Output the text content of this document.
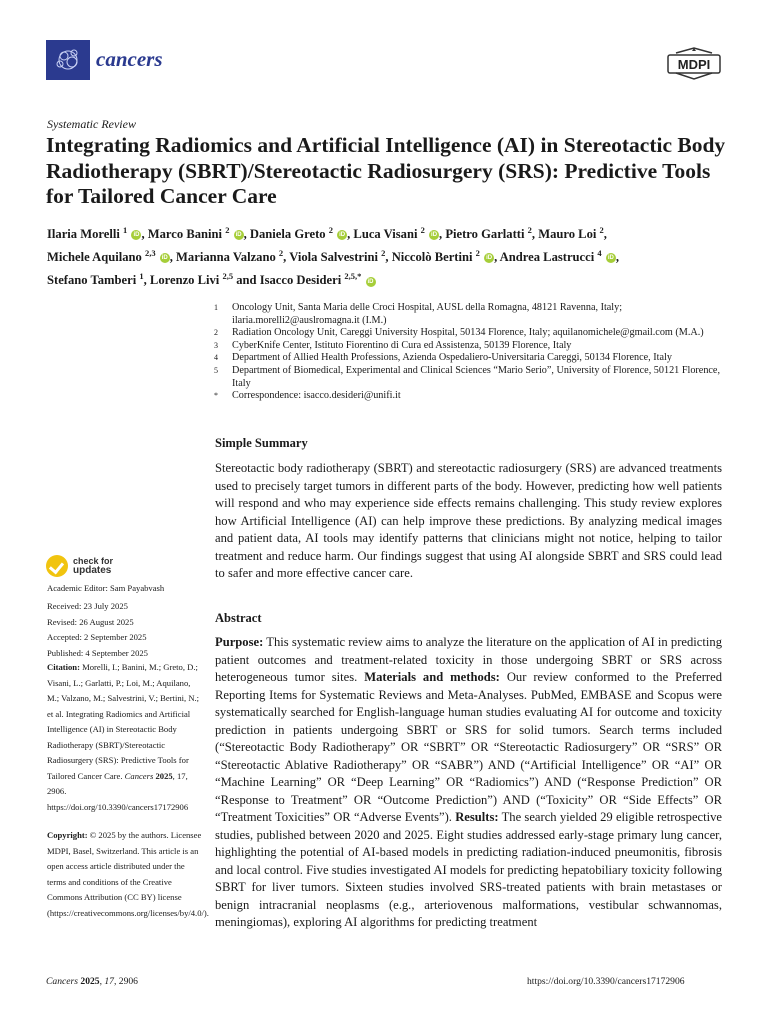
cancers	MDPI
Systematic Review
Integrating Radiomics and Artificial Intelligence (AI) in Stereotactic Body Radiotherapy (SBRT)/Stereotactic Radiosurgery (SRS): Predictive Tools for Tailored Cancer Care
Ilaria Morelli $^1$ iD , Marco Banini $^2$ iD , Daniela Greto $^2$ iD , Luca Visani $^2$ iD , Pietro Garlatti $^2$, Mauro Loi $^2$,
Michele Aquilano $^{2,3}$ iD , Marianna Valzano $^2$, Viola Salvestrini $^2$, Niccolò Bertini $^2$ iD , Andrea Lastrucci $^4$ iD ,
Stefano Tamberi $^1$, Lorenzo Livi $^{2,5}$ and Isacco Desideri $^{2,5,*}$ iD
1	Oncology Unit, Santa Maria delle Croci Hospital, AUSL della Romagna, 48121 Ravenna, Italy; ilaria.morelli2@auslromagna.it (I.M.)
2	Radiation Oncology Unit, Careggi University Hospital, 50134 Florence, Italy; aquilanomichele@gmail.com (M.A.)
3	CyberKnife Center, Istituto Fiorentino di Cura ed Assistenza, 50139 Florence, Italy
4	Department of Allied Health Professions, Azienda Ospedaliero-Universitaria Careggi, 50134 Florence, Italy
5	Department of Biomedical, Experimental and Clinical Sciences “Mario Serio”, University of Florence, 50121 Florence, Italy
*	Correspondence: isacco.desideri@unifi.it
Simple Summary
Stereotactic body radiotherapy (SBRT) and stereotactic radiosurgery (SRS) are advanced treatments used to precisely target tumors in different parts of the body. However, predicting how well patients will respond and who may experience side effects remains challenging. This study review explores how Artificial Intelligence (AI) can help improve these predictions. By analyzing medical images and patient data, AI tools may identify patterns that clinicians might not notice, helping to tailor treatment and reduce harm. Our findings suggest that using AI alongside SBRT and SRS could lead to safer and more effective cancer care.
Abstract
Purpose: This systematic review aims to analyze the literature on the application of AI in predicting patient outcomes and treatment-related toxicity in those undergoing SBRT or SRS across heterogeneous tumor sites. Materials and methods: Our review conformed to the Preferred Reporting Items for Systematic Reviews and Meta-Analyses. PubMed, EMBASE and Scopus were systematically searched for English-language human studies evaluating AI for outcome and toxicity prediction in patients undergoing SBRT or SRS for solid tumors. Search terms included (“Stereotactic Body Radiotherapy” OR “SBRT” OR “Stereotactic Radiosurgery” OR “SRS” OR “Stereotactic Ablative Radiotherapy” OR “SABR”) AND (“Artificial Intelligence” OR “AI” OR “Machine Learning” OR “Deep Learning” OR “Radiomics”) AND (“Response Prediction” OR “Response to Treatment” OR “Outcome Prediction”) AND (“Toxicity” OR “Side Effects” OR “Treatment Toxicities” OR “Adverse Events”). Results: The search yielded 29 eligible retrospective studies, published between 2020 and 2025. Eight studies addressed early-stage primary lung cancer, highlighting the potential of AI-based models in predicting radiation-induced pneumonitis, fibrosis and local control. Five studies investigated AI models for predicting hepatobiliary toxicity following SBRT for liver tumors. Sixteen studies involved SRS-treated patients with brain metastases or benign intracranial neoplasms (e.g., arteriovenous malformations, vestibular schwannomas, meningiomas), exploring AI algorithms for predicting treatment
check for
updates
Academic Editor: Sam Payabvash
Received: 23 July 2025
Revised: 26 August 2025
Accepted: 2 September 2025
Published: 4 September 2025
Citation: Morelli, I.; Banini, M.; Greto, D.; Visani, L.; Garlatti, P.; Loi, M.; Aquilano, M.; Valzano, M.; Salvestrini, V.; Bertini, N.; et al. Integrating Radiomics and Artificial Intelligence (AI) in Stereotactic Body Radiotherapy (SBRT)/Stereotactic Radiosurgery (SRS): Predictive Tools for Tailored Cancer Care. Cancers 2025, 17, 2906. https://doi.org/10.3390/cancers17172906
Copyright: © 2025 by the authors. Licensee MDPI, Basel, Switzerland. This article is an open access article distributed under the terms and conditions of the Creative Commons Attribution (CC BY) license (https://creativecommons.org/licenses/by/4.0/).
Cancers 2025, 17, 2906	https://doi.org/10.3390/cancers17172906
